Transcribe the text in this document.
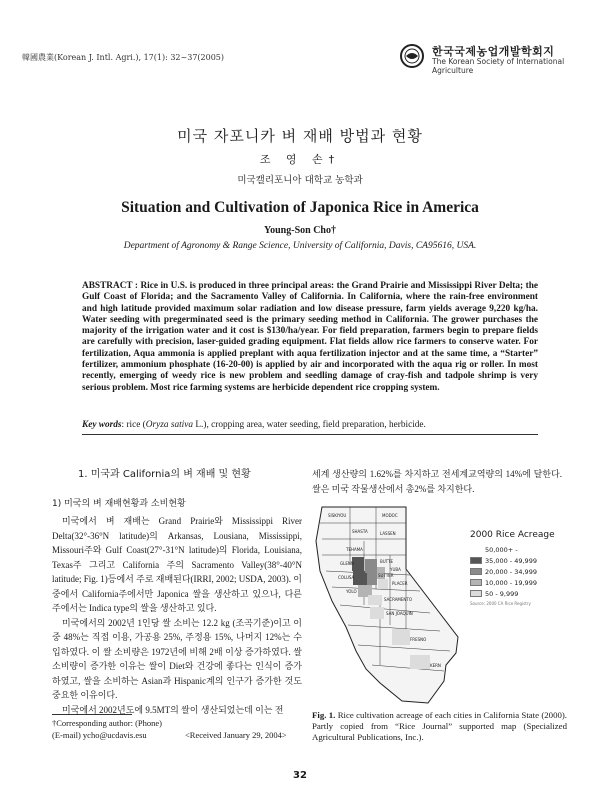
韓國農業(Korean J. Intl. Agri.), 17(1): 32~37(2005)	한국국제농업개발학회지
The Korean Society of International
Agriculture
미국 자포니카 벼 재배 방법과 현황
조 영 손†
미국캘리포니아 대학교 농학과
Situation and Cultivation of Japonica Rice in America
Young-Son Cho†
Department of Agronomy & Range Science, University of California, Davis, CA95616, USA.
ABSTRACT : Rice in U.S. is produced in three principal areas: the Grand Prairie and Mississippi River Delta; the Gulf Coast of Florida; and the Sacramento Valley of California. In California, where the rain-free environment and high latitude provided maximum solar radiation and low disease pressure, farm yields average 9,220 kg/ha. Water seeding with pregerminated seed is the primary seeding method in California. The grower purchases the majority of the irrigation water and it cost is $130/ha/year. For field preparation, farmers begin to prepare fields are carefully with precision, laser-guided grading equipment. Flat fields allow rice farmers to conserve water. For fertilization, Aqua ammonia is applied preplant with aqua fertilization injector and at the same time, a “Starter” fertilizer, ammonium phosphate (16-20-00) is applied by air and incorporated with the aqua rig or roller. In most recently, emerging of weedy rice is new problem and seedling damage of cray-fish and tadpole shrimp is very serious problem. Most rice farming systems are herbicide dependent rice cropping system.
Key words: rice (Oryza sativa L.), cropping area, water seeding, field preparation, herbicide.
1. 미국과 California의 벼 재배 및 현황
1) 미국의 벼 재배현황과 소비현황

미국에서 벼 재배는 Grand Prairie와 Mississippi River Delta(32°-36°N latitude)의 Arkansas, Lousiana, Mississippi, Missouri주와 Gulf Coast(27°-31°N latitude)의 Florida, Louisiana, Texas주 그리고 California 주의 Sacramento Valley(38°-40°N latitude; Fig. 1)등에서 주로 재배된다(IRRI, 2002; USDA, 2003). 이중에서 California주에서만 Japonica 쌀을 생산하고 있으나, 다른 주에서는 Indica type의 쌀을 생산하고 있다.

미국에서의 2002년 1인당 쌀 소비는 12.2 kg (조곡기준)이고 이중 48%는 직접 이용, 가공용 25%, 주정용 15%, 나머지 12%는 수입하였다. 이 쌀 소비량은 1972년에 비해 2배 이상 증가하였다. 쌀 소비량이 증가한 이유는 쌀이 Diet와 건강에 좋다는 인식이 증가하였고, 쌀을 소비하는 Asian과 Hispanic계의 인구가 증가한 것도 중요한 이유이다.

미국에서 2002년도에 9.5MT의 쌀이 생산되었는데 이는 전

세계 생산량의 1.62%를 차지하고 전세계교역량의 14%에 달한다. 쌀은 미국 작물생산에서 총2%를 차지한다.

†Corresponding author: (Phone)
(E-mail) ycho@ucdavis.esu	<Received January 29, 2004>
SISKIYOU	MODOC
SHASTA	LASSEN
TEHAMA
GLENN	BUTTE
COLUSA	SUTTER
YUBA
YOLO
PLACER
SACRAMENTO
SAN JOAQUIN
FRESNO
KERN
2000 Rice Acreage
50,000+ -
35,000 - 49,999
20,000 - 34,999
10,000 - 19,999
50 - 9,999
Source: 2000 CA Rice Registry
Fig. 1. Rice cultivation acreage of each cities in California State (2000). Partly copied from “Rice Journal” supported map (Specialized Agricultural Publications, Inc.).
32
